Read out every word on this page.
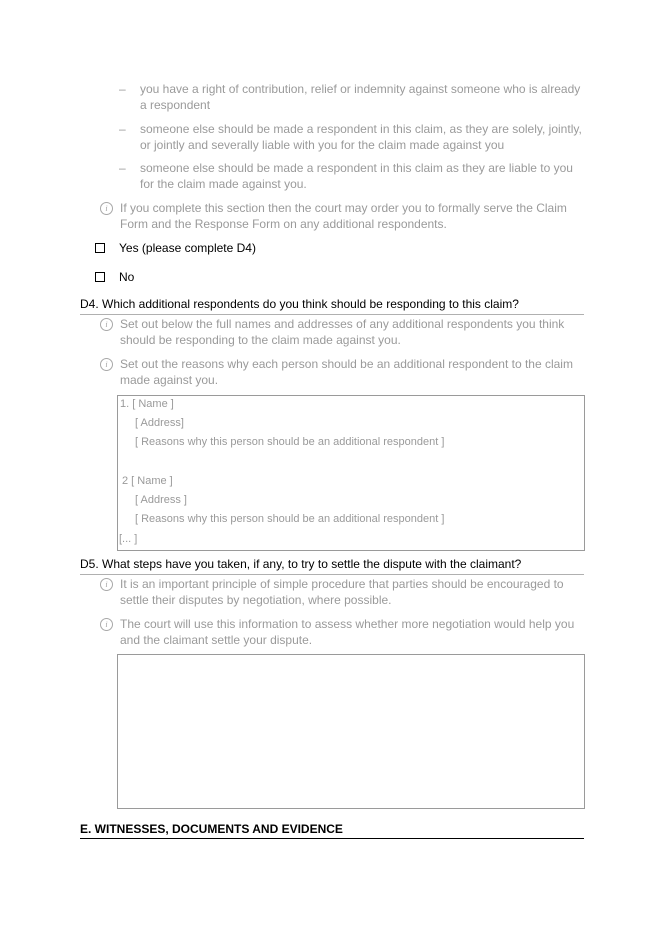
– you have a right of contribution, relief or indemnity against someone who is already a respondent
– someone else should be made a respondent in this claim, as they are solely, jointly, or jointly and severally liable with you for the claim made against you
– someone else should be made a respondent in this claim as they are liable to you for the claim made against you.
i	If you complete this section then the court may order you to formally serve the Claim Form and the Response Form on any additional respondents.
Yes (please complete D4)
No
D4. Which additional respondents do you think should be responding to this claim?
i	Set out below the full names and addresses of any additional respondents you think should be responding to the claim made against you.
i	Set out the reasons why each person should be an additional respondent to the claim made against you.
1. [ Name ]
[ Address]
[ Reasons why this person should be an additional respondent ]
2 [ Name ]
[ Address ]
[ Reasons why this person should be an additional respondent ]
[... ]
D5. What steps have you taken, if any, to try to settle the dispute with the claimant?
i	It is an important principle of simple procedure that parties should be encouraged to settle their disputes by negotiation, where possible.
i	The court will use this information to assess whether more negotiation would help you and the claimant settle your dispute.
E. WITNESSES, DOCUMENTS AND EVIDENCE
